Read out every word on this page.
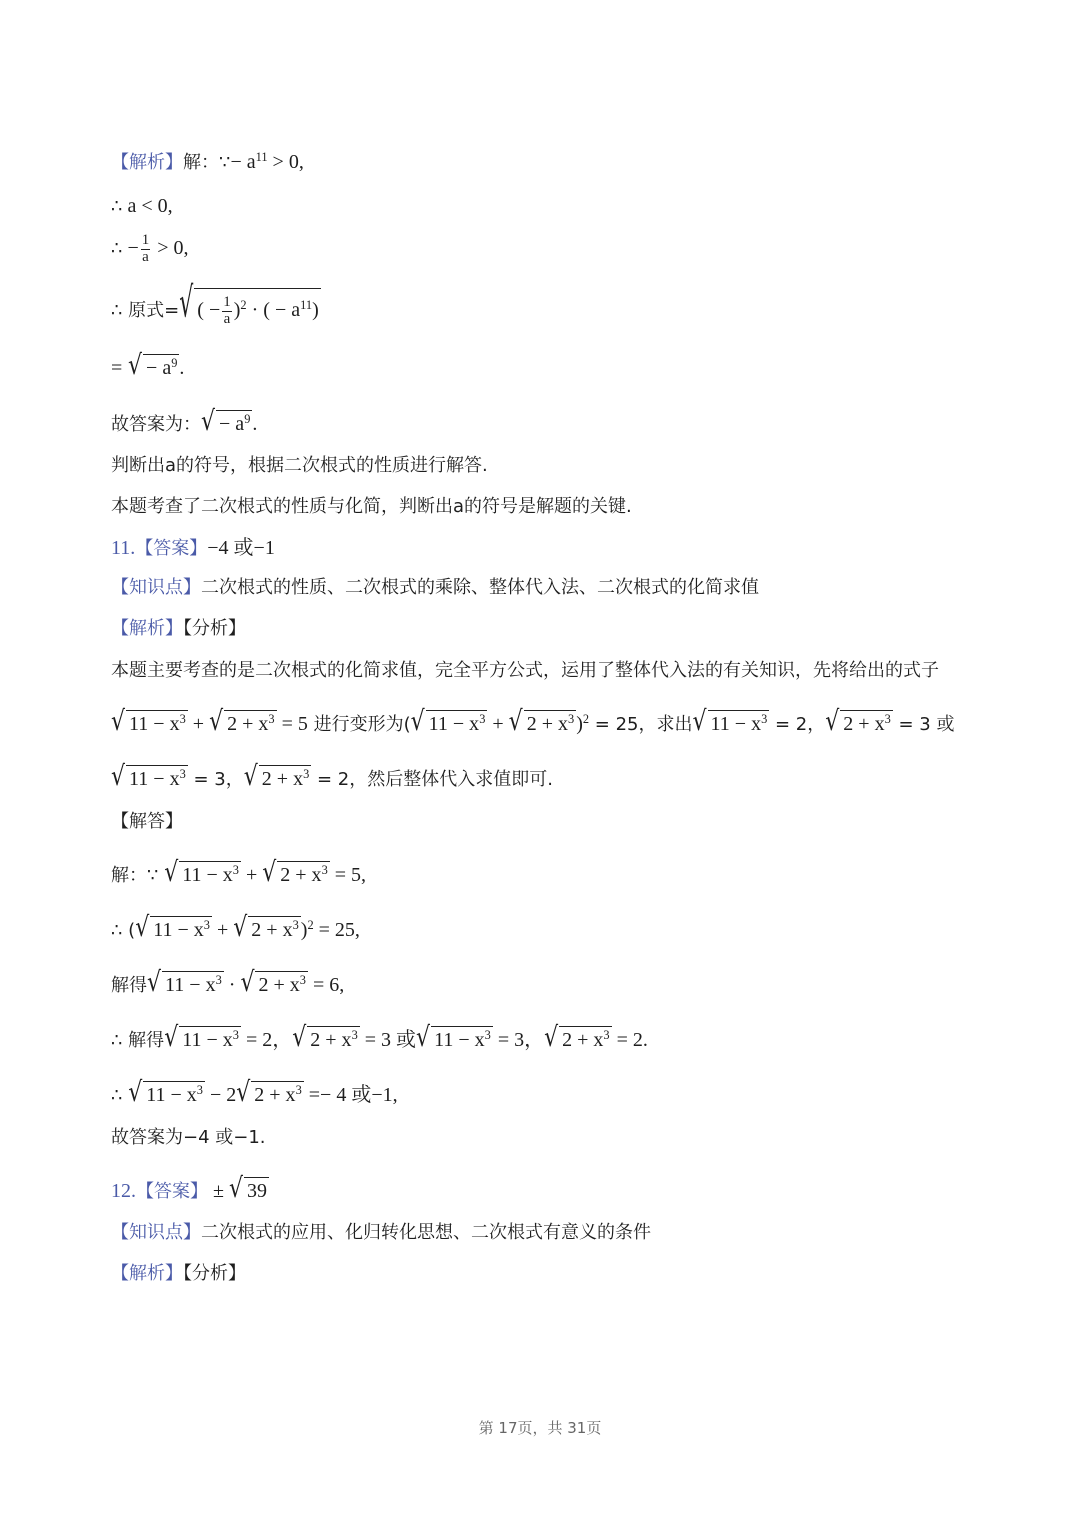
【解析】解：∵− $a^{11} > 0$,
∴ a < 0,
∴ − $\frac{1}{a} > 0$,
∴ 原式=√ ( − $\frac{1}{a} )^2$ · ( − $a^{11}$)
= √− $a^9$ .
故答案为：√− $a^9$ .
判断出a的符号，根据二次根式的性质进行解答.
本题考查了二次根式的性质与化简，判断出a的符号是解题的关键.
11.【答案】−4 或−1
【知识点】二次根式的性质、二次根式的乘除、整体代入法、二次根式的化简求值
【解析】【分析】
本题主要考查的是二次根式的化简求值，完全平方公式，运用了整体代入法的有关知识，先将给出的式子
√ $11 - x^3$ + √ $2 + x^3 = 5$ 进行变形为(√ $11 - x^3$ + √ $2 + x^3$ )$^2$ = 25，求出√ $11 - x^3 = 2$，√ $2 + x^3 = 3$ 或
√ $11 - x^3 = 3$，√ $2 + x^3 = 2$，然后整体代入求值即可.
【解答】
解：∵ √ $11 - x^3$ + √ $2 + x^3 = 5$,
∴ (√ $11 - x^3$ + √ $2 + x^3$ )$^2$ = 25,
解得√ $11 - x^3$ · √ $2 + x^3 = 6$,
∴ 解得√ $11 - x^3 = 2$，√ $2 + x^3 = 3$ 或√ $11 - x^3 = 3$，√ $2 + x^3 = 2$.
∴ √ $11 - x^3 - 2√$ $2 + x^3 =- 4$ 或−1,
故答案为−4 或−1.
12.【答案】 ± √ 39
【知识点】二次根式的应用、化归转化思想、二次根式有意义的条件
【解析】【分析】
第 17页，共 31页
